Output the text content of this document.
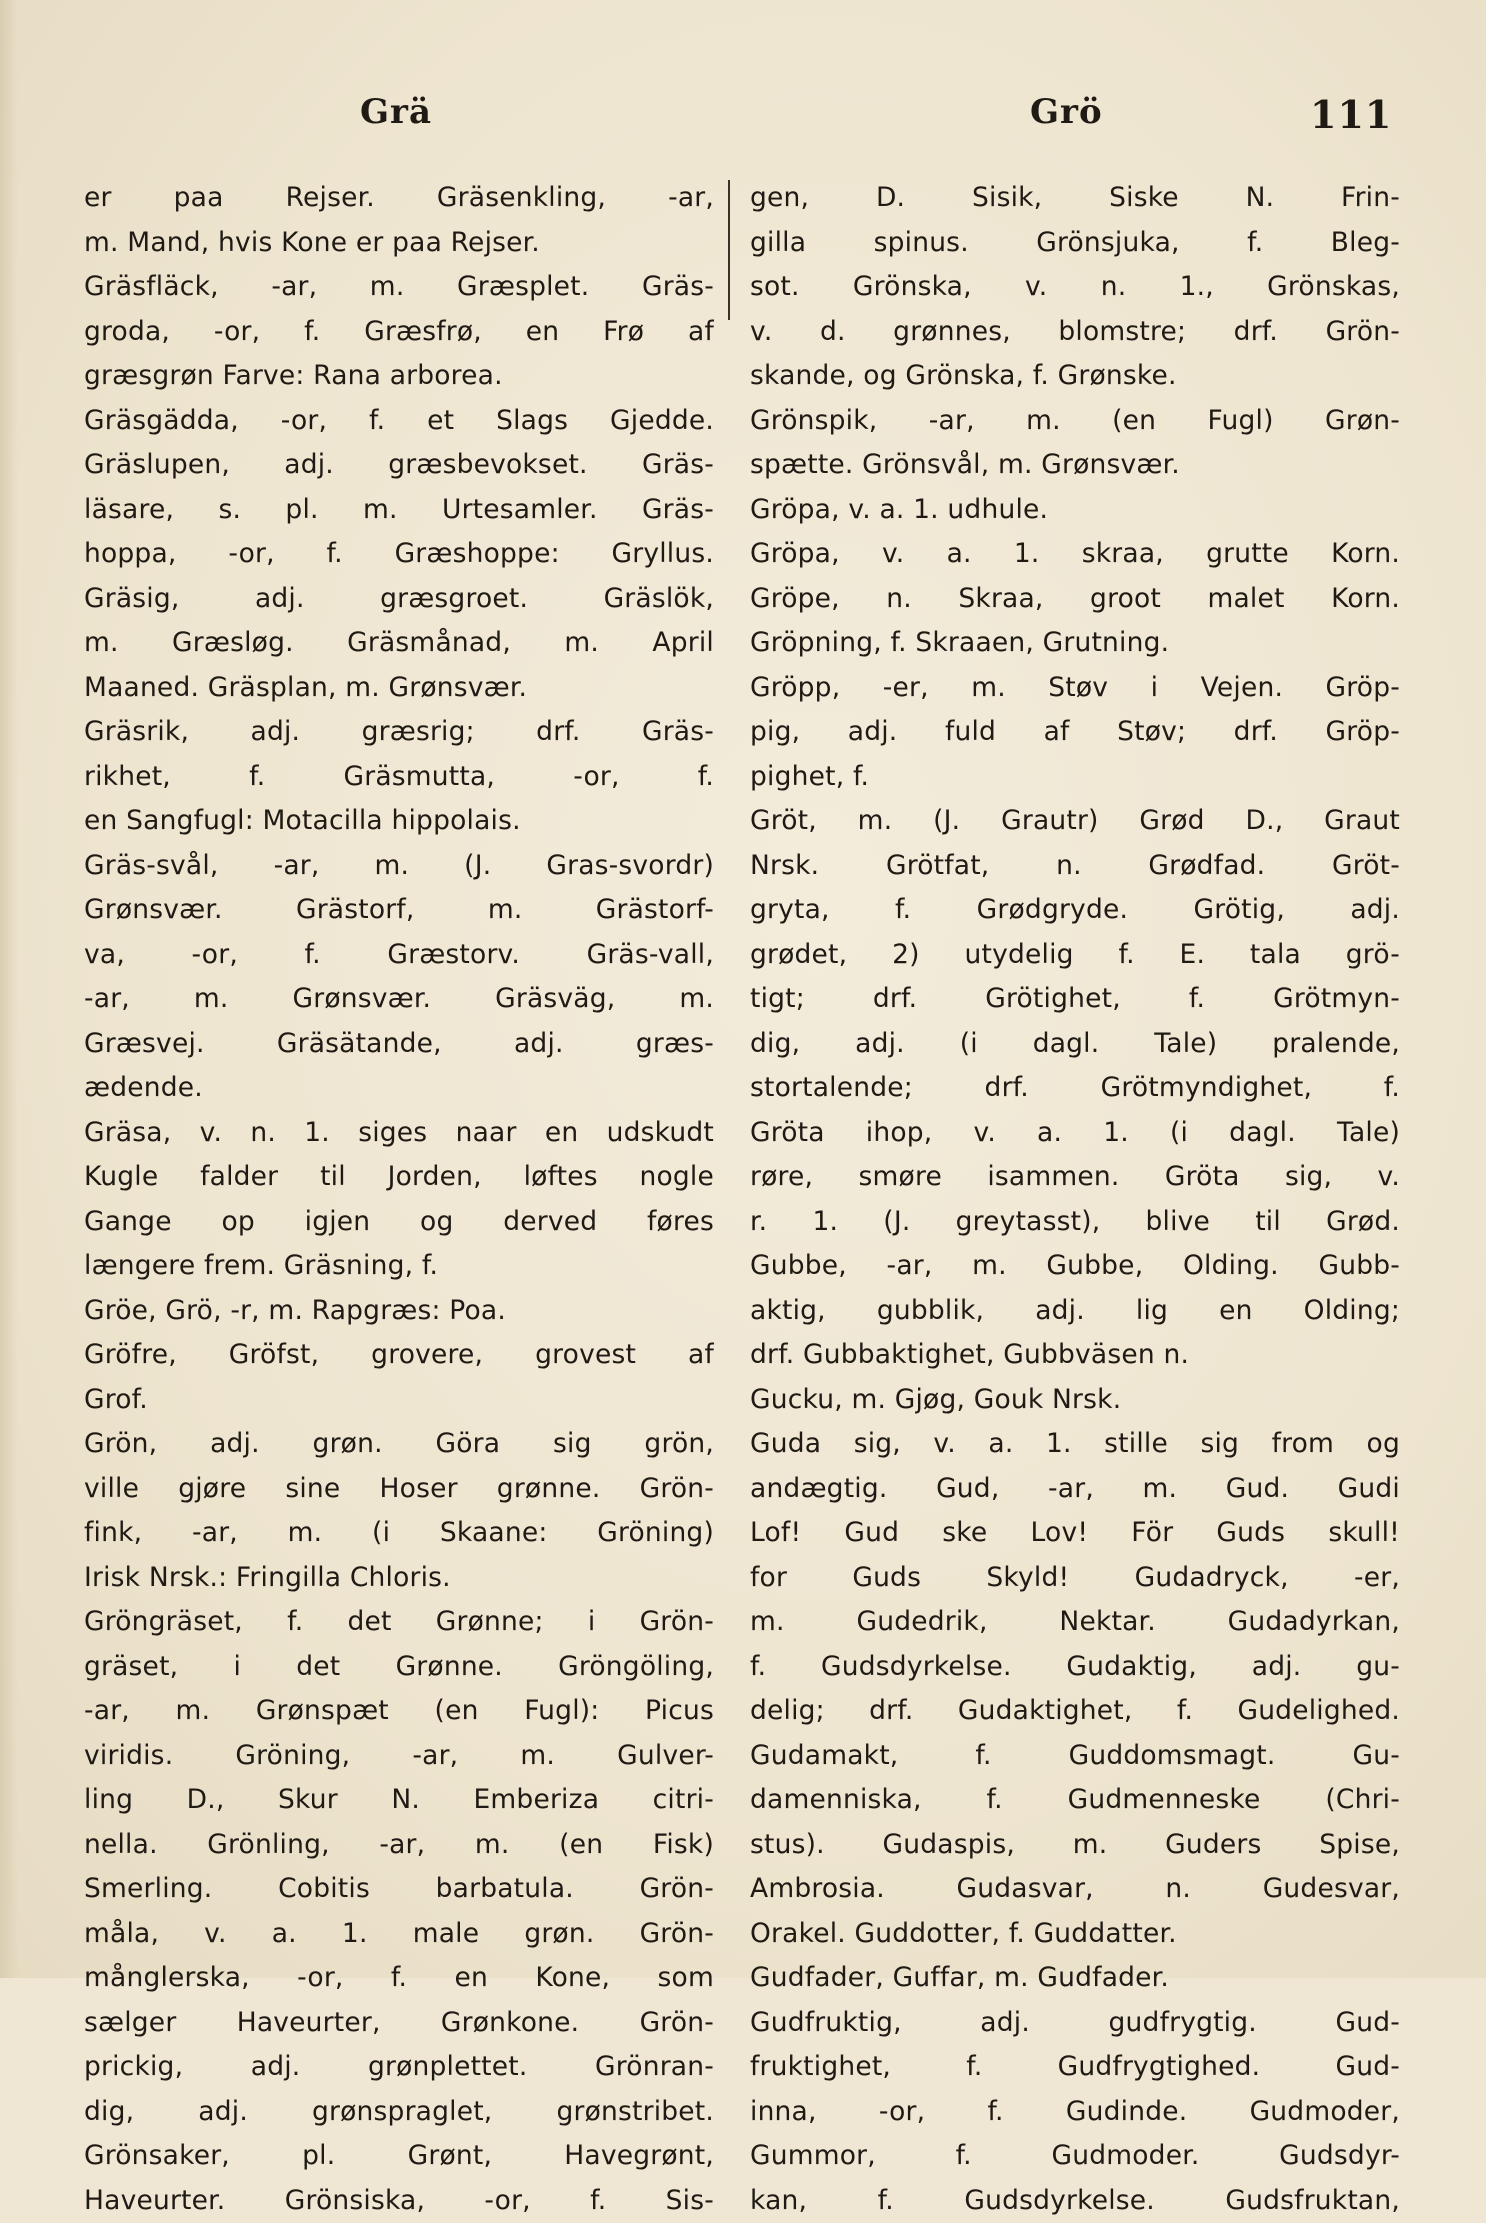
Grä	Grö	111
er paa Rejser. Gräsenkling, -ar,
m. Mand, hvis Kone er paa Rejser.
Gräsfläck, -ar, m. Græsplet. Gräs-
groda, -or, f. Græsfrø, en Frø af
græsgrøn Farve: Rana arborea.
Gräsgädda, -or, f. et Slags Gjedde.
Gräslupen, adj. græsbevokset. Gräs-
läsare, s. pl. m. Urtesamler. Gräs-
hoppa, -or, f. Græshoppe: Gryllus.
Gräsig, adj. græsgroet. Gräslök,
m. Græsløg. Gräsmånad, m. April
Maaned. Gräsplan, m. Grønsvær.
Gräsrik, adj. græsrig; drf. Gräs-
rikhet, f. Gräsmutta, -or, f.
en Sangfugl: Motacilla hippolais.
Gräs-svål, -ar, m. (J. Gras-svordr)
Grønsvær. Grästorf, m. Grästorf-
va, -or, f. Græstorv. Gräs-vall,
-ar, m. Grønsvær. Gräsväg, m.
Græsvej. Gräsätande, adj. græs-
ædende.
Gräsa, v. n. 1. siges naar en udskudt
Kugle falder til Jorden, løftes nogle
Gange op igjen og derved føres
længere frem. Gräsning, f.
Gröe, Grö, -r, m. Rapgræs: Poa.
Gröfre, Gröfst, grovere, grovest af
Grof.
Grön, adj. grøn. Göra sig grön,
ville gjøre sine Hoser grønne. Grön-
fink, -ar, m. (i Skaane: Gröning)
Irisk Nrsk.: Fringilla Chloris.
Gröngräset, f. det Grønne; i Grön-
gräset, i det Grønne. Gröngöling,
-ar, m. Grønspæt (en Fugl): Picus
viridis. Gröning, -ar, m. Gulver-
ling D., Skur N. Emberiza citri-
nella. Grönling, -ar, m. (en Fisk)
Smerling. Cobitis barbatula. Grön-
måla, v. a. 1. male grøn. Grön-
månglerska, -or, f. en Kone, som
sælger Haveurter, Grønkone. Grön-
prickig, adj. grønplettet. Grönran-
dig, adj. grønspraglet, grønstribet.
Grönsaker, pl. Grønt, Havegrønt,
Haveurter. Grönsiska, -or, f. Sis-
gen, D. Sisik, Siske N. Frin-
gilla spinus. Grönsjuka, f. Bleg-
sot. Grönska, v. n. 1., Grönskas,
v. d. grønnes, blomstre; drf. Grön-
skande, og Grönska, f. Grønske.
Grönspik, -ar, m. (en Fugl) Grøn-
spætte. Grönsvål, m. Grønsvær.
Gröpa, v. a. 1. udhule.
Gröpa, v. a. 1. skraa, grutte Korn.
Gröpe, n. Skraa, groot malet Korn.
Gröpning, f. Skraaen, Grutning.
Gröpp, -er, m. Støv i Vejen. Gröp-
pig, adj. fuld af Støv; drf. Gröp-
pighet, f.
Gröt, m. (J. Grautr) Grød D., Graut
Nrsk. Grötfat, n. Grødfad. Gröt-
gryta, f. Grødgryde. Grötig, adj.
grødet, 2) utydelig f. E. tala grö-
tigt; drf. Grötighet, f. Grötmyn-
dig, adj. (i dagl. Tale) pralende,
stortalende; drf. Grötmyndighet, f.
Gröta ihop, v. a. 1. (i dagl. Tale)
røre, smøre isammen. Gröta sig, v.
r. 1. (J. greytasst), blive til Grød.
Gubbe, -ar, m. Gubbe, Olding. Gubb-
aktig, gubblik, adj. lig en Olding;
drf. Gubbaktighet, Gubbväsen n.
Gucku, m. Gjøg, Gouk Nrsk.
Guda sig, v. a. 1. stille sig from og
andægtig. Gud, -ar, m. Gud. Gudi
Lof! Gud ske Lov! För Guds skull!
for Guds Skyld! Gudadryck, -er,
m. Gudedrik, Nektar. Gudadyrkan,
f. Gudsdyrkelse. Gudaktig, adj. gu-
delig; drf. Gudaktighet, f. Gudelighed.
Gudamakt, f. Guddomsmagt. Gu-
damenniska, f. Gudmenneske (Chri-
stus). Gudaspis, m. Guders Spise,
Ambrosia. Gudasvar, n. Gudesvar,
Orakel. Guddotter, f. Guddatter.
Gudfader, Guffar, m. Gudfader.
Gudfruktig, adj. gudfrygtig. Gud-
fruktighet, f. Gudfrygtighed. Gud-
inna, -or, f. Gudinde. Gudmoder,
Gummor, f. Gudmoder. Gudsdyr-
kan, f. Gudsdyrkelse. Gudsfruktan,
